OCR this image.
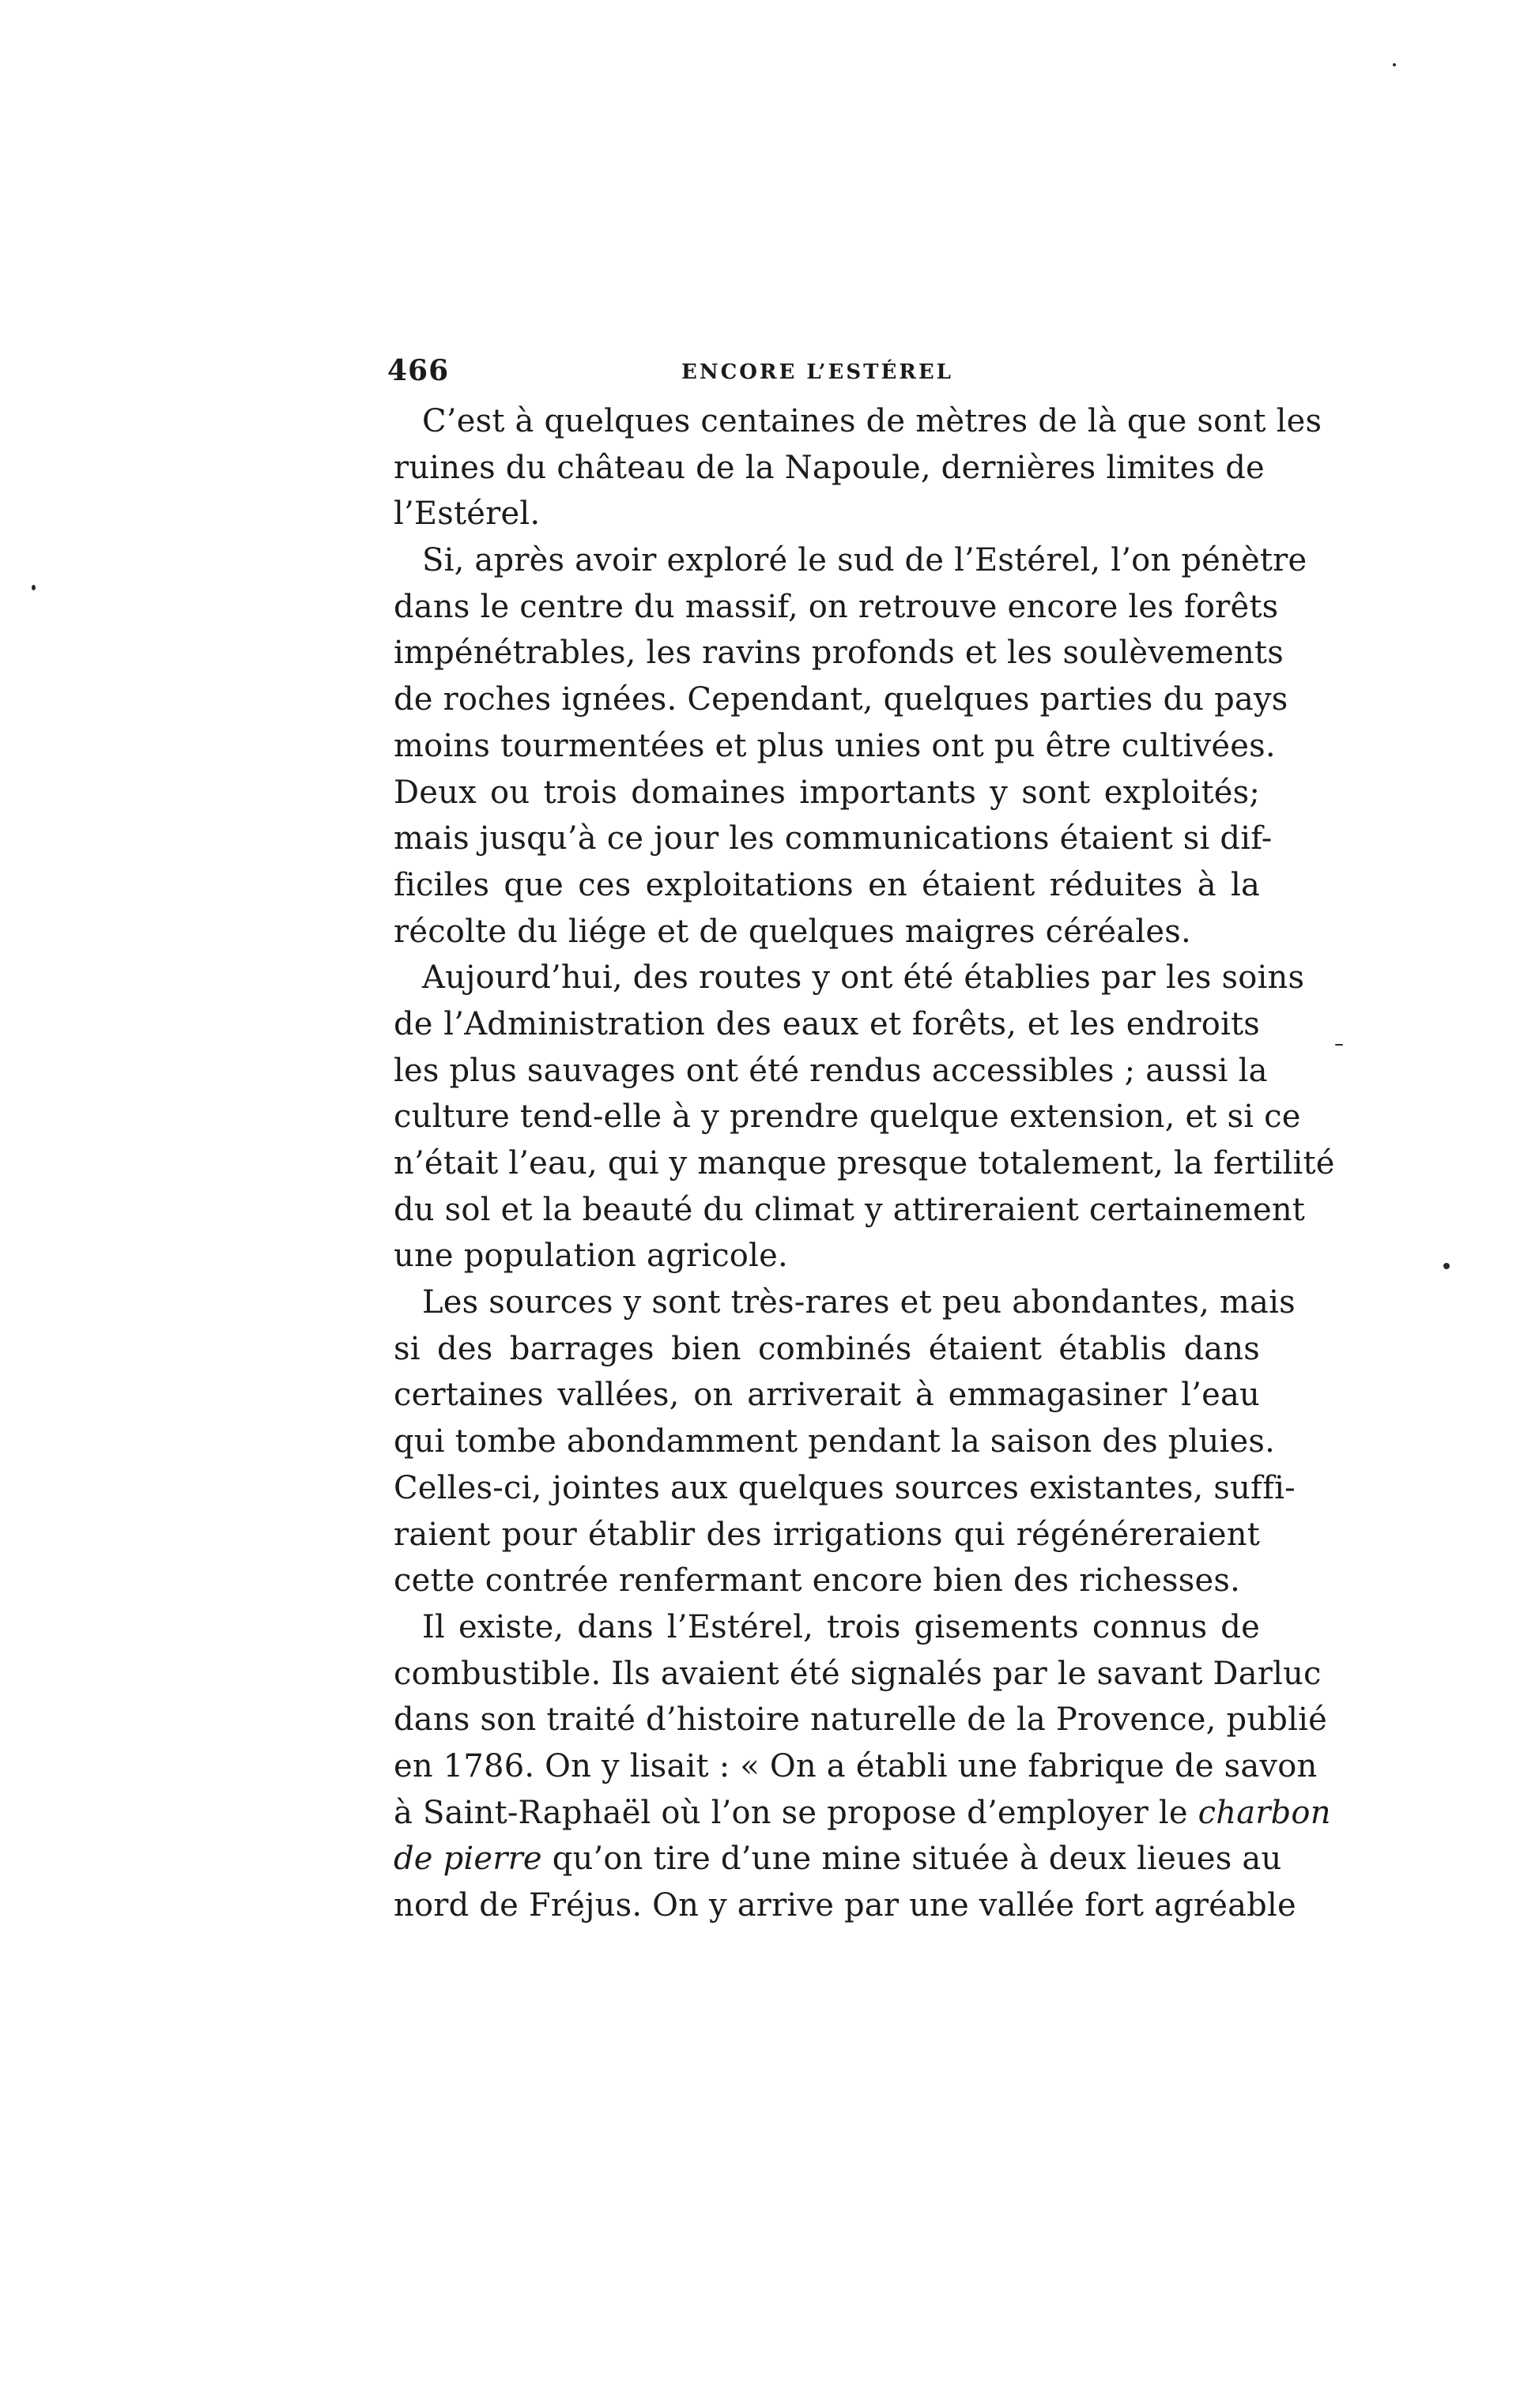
466	ENCORE L’ESTÉREL
C’est à quelques centaines de mètres de là que sont les
ruines du château de la Napoule, dernières limites de
l’Estérel.
Si, après avoir exploré le sud de l’Estérel, l’on pénètre
dans le centre du massif, on retrouve encore les forêts
impénétrables, les ravins profonds et les soulèvements
de roches ignées. Cependant, quelques parties du pays
moins tourmentées et plus unies ont pu être cultivées.
Deux ou trois domaines importants y sont exploités;
mais jusqu’à ce jour les communications étaient si dif-
ficiles que ces exploitations en étaient réduites à la
récolte du liége et de quelques maigres céréales.
Aujourd’hui, des routes y ont été établies par les soins
de l’Administration des eaux et forêts, et les endroits
les plus sauvages ont été rendus accessibles ; aussi la
culture tend-elle à y prendre quelque extension, et si ce
n’était l’eau, qui y manque presque totalement, la fertilité
du sol et la beauté du climat y attireraient certainement
une population agricole.
Les sources y sont très-rares et peu abondantes, mais
si des barrages bien combinés étaient établis dans
certaines vallées, on arriverait à emmagasiner l’eau
qui tombe abondamment pendant la saison des pluies.
Celles-ci, jointes aux quelques sources existantes, suffi-
raient pour établir des irrigations qui régénéreraient
cette contrée renfermant encore bien des richesses.
Il existe, dans l’Estérel, trois gisements connus de
combustible. Ils avaient été signalés par le savant Darluc
dans son traité d’histoire naturelle de la Provence, publié
en 1786. On y lisait : « On a établi une fabrique de savon
à Saint-Raphaël où l’on se propose d’employer le charbon
de pierre qu’on tire d’une mine située à deux lieues au
nord de Fréjus. On y arrive par une vallée fort agréable
